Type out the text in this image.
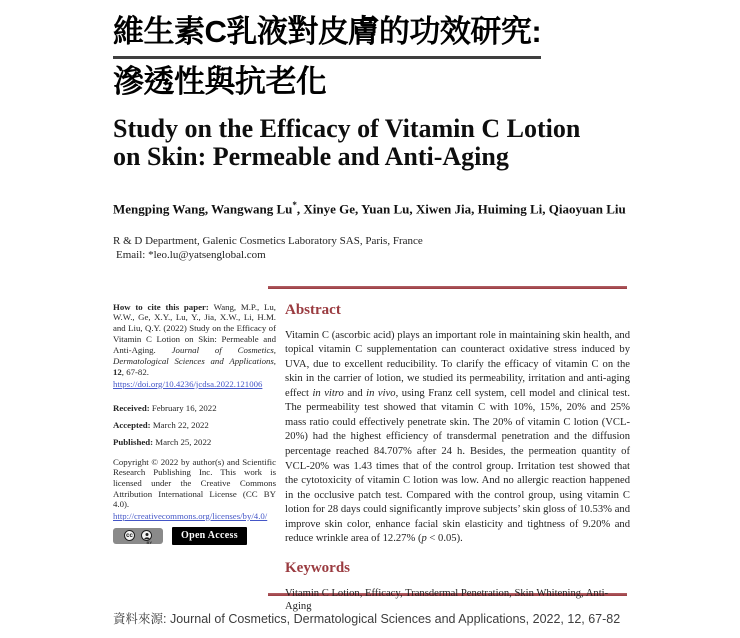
維生素C乳液對皮膚的功效研究:
滲透性與抗老化
Study on the Efficacy of Vitamin C Lotion on Skin: Permeable and Anti-Aging
Mengping Wang, Wangwang Lu*, Xinye Ge, Yuan Lu, Xiwen Jia, Huiming Li, Qiaoyuan Liu
R & D Department, Galenic Cosmetics Laboratory SAS, Paris, France
Email: *leo.lu@yatsenglobal.com

How to cite this paper: Wang, M.P., Lu, W.W., Ge, X.Y., Lu, Y., Jia, X.W., Li, H.M. and Liu, Q.Y. (2022) Study on the Efficacy of Vitamin C Lotion on Skin: Permeable and Anti-Aging. Journal of Cosmetics, Dermatological Sciences and Applications, 12, 67-82.

https://doi.org/10.4236/jcdsa.2022.121006
Received: February 16, 2022
Accepted: March 22, 2022
Published: March 25, 2022

Copyright © 2022 by author(s) and Scientific Research Publishing Inc. This work is licensed under the Creative Commons Attribution International License (CC BY 4.0).

http://creativecommons.org/licenses/by/4.0/
cc
BY
Open Access
Abstract

Vitamin C (ascorbic acid) plays an important role in maintaining skin health, and topical vitamin C supplementation can counteract oxidative stress induced by UVA, due to excellent reducibility. To clarify the efficacy of vitamin C on the skin in the carrier of lotion, we studied its permeability, irritation and anti-aging effect in vitro and in vivo, using Franz cell system, cell model and clinical test. The permeability test showed that vitamin C with 10%, 15%, 20% and 25% mass ratio could effectively penetrate skin. The 20% of vitamin C lotion (VCL-20%) had the highest efficiency of transdermal penetration and the diffusion percentage reached 84.707% after 24 h. Besides, the permeation quantity of VCL-20% was 1.43 times that of the control group. Irritation test showed that the cytotoxicity of vitamin C lotion was low. And no allergic reaction happened in the occlusive patch test. Compared with the control group, using vitamin C lotion for 28 days could significantly improve subjects’ skin gloss of 10.53% and improve skin color, enhance facial skin elasticity and tightness of 9.20% and reduce wrinkle area of 12.27% (p < 0.05).

Keywords

Vitamin C Lotion, Efficacy, Transdermal Penetration, Skin Whitening, Anti-Aging

資料來源: Journal of Cosmetics, Dermatological Sciences and Applications, 2022, 12, 67-82
